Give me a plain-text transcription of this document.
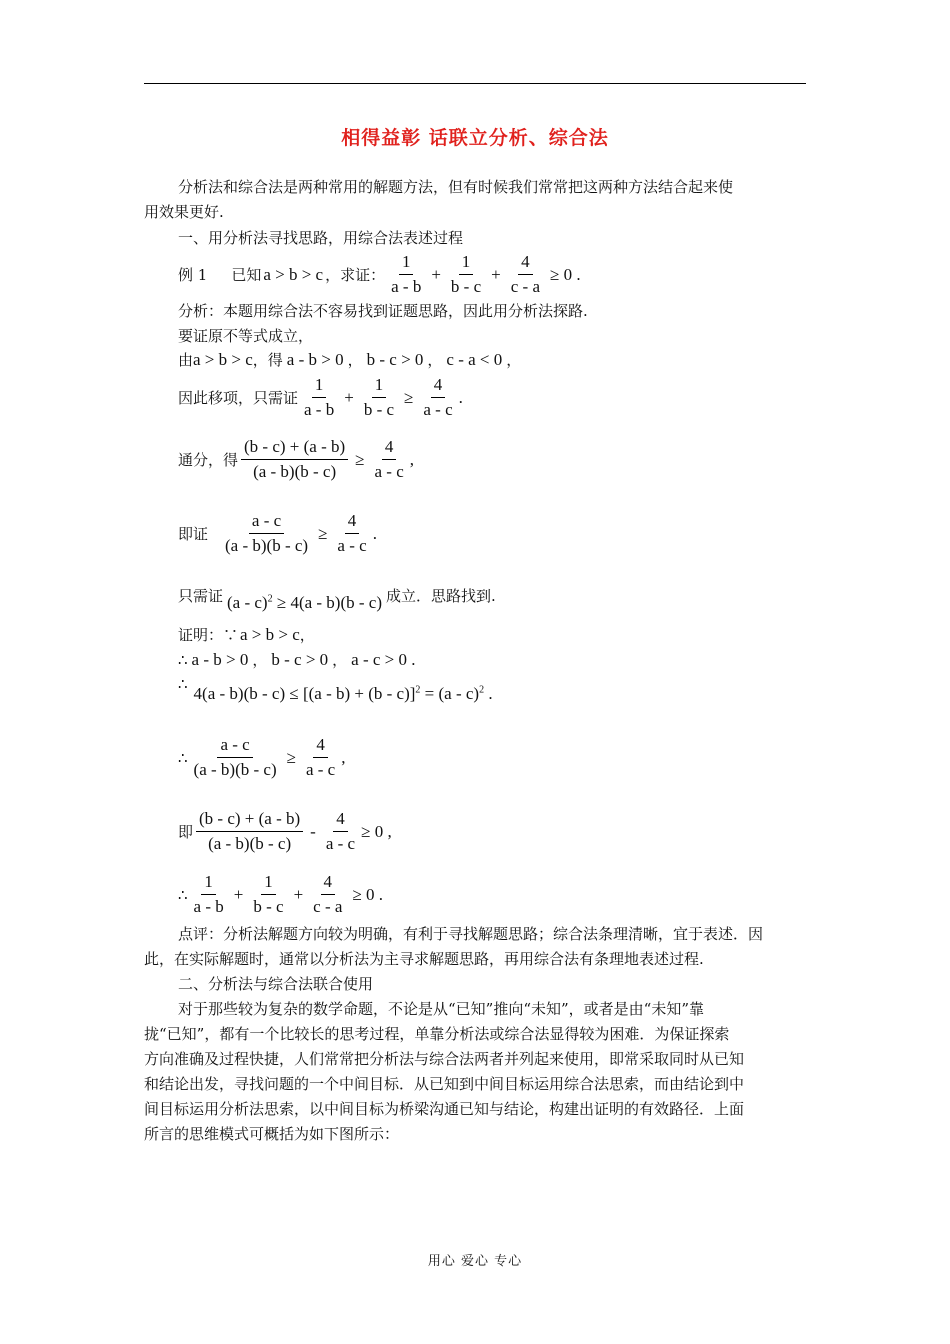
相得益彰 话联立分析、综合法
分析法和综合法是两种常用的解题方法，但有时候我们常常把这两种方法结合起来使
用效果更好.
一、用分析法寻找思路，用综合法表述过程
例 1 已知 a > b > c ，求证： $\frac{1}{a - b} + \frac{1}{b - c} + \frac{4}{c - a} \ge 0$ .
分析：本题用综合法不容易找到证题思路，因此用分析法探路.
要证原不等式成立，
由 a > b > c ，得 a - b > 0 ， b - c > 0 ， c - a < 0 ，
因此移项，只需证 $\frac{1}{a - b} + \frac{1}{b - c} \ge \frac{4}{a - c}$ .
通分，得 $\frac{(b - c) + (a - b)}{(a - b)(b - c)} \ge \frac{4}{a - c}$ ,
即证 $\frac{a - c}{(a - b)(b - c)} \ge \frac{4}{a - c}$ .
只需证 (a - c)$^2$ ≥ 4(a - b)(b - c) 成立．思路找到.
证明：∵ a > b > c ，
∴ a - b > 0 ， b - c > 0 ， a - c > 0 .
∴ $4(a - b)(b - c) \le [(a - b) + (b - c)]^2 = (a - c)^2$ .
∴ $\frac{a - c}{(a - b)(b - c)} \ge \frac{4}{a - c}$ ,
即 $\frac{(b - c) + (a - b)}{(a - b)(b - c)} - \frac{4}{a - c} \ge 0$ ,
∴ $\frac{1}{a - b} + \frac{1}{b - c} + \frac{4}{c - a} \ge 0$ .
点评：分析法解题方向较为明确，有利于寻找解题思路；综合法条理清晰，宜于表述．因
此，在实际解题时，通常以分析法为主寻求解题思路，再用综合法有条理地表述过程.
二、分析法与综合法联合使用
对于那些较为复杂的数学命题，不论是从“已知”推向“未知”，或者是由“未知”靠
拢“已知”，都有一个比较长的思考过程，单靠分析法或综合法显得较为困难．为保证探索
方向准确及过程快捷，人们常常把分析法与综合法两者并列起来使用，即常采取同时从已知
和结论出发，寻找问题的一个中间目标．从已知到中间目标运用综合法思索，而由结论到中
间目标运用分析法思索，以中间目标为桥梁沟通已知与结论，构建出证明的有效路径．上面
所言的思维模式可概括为如下图所示：
用心 爱心 专心
